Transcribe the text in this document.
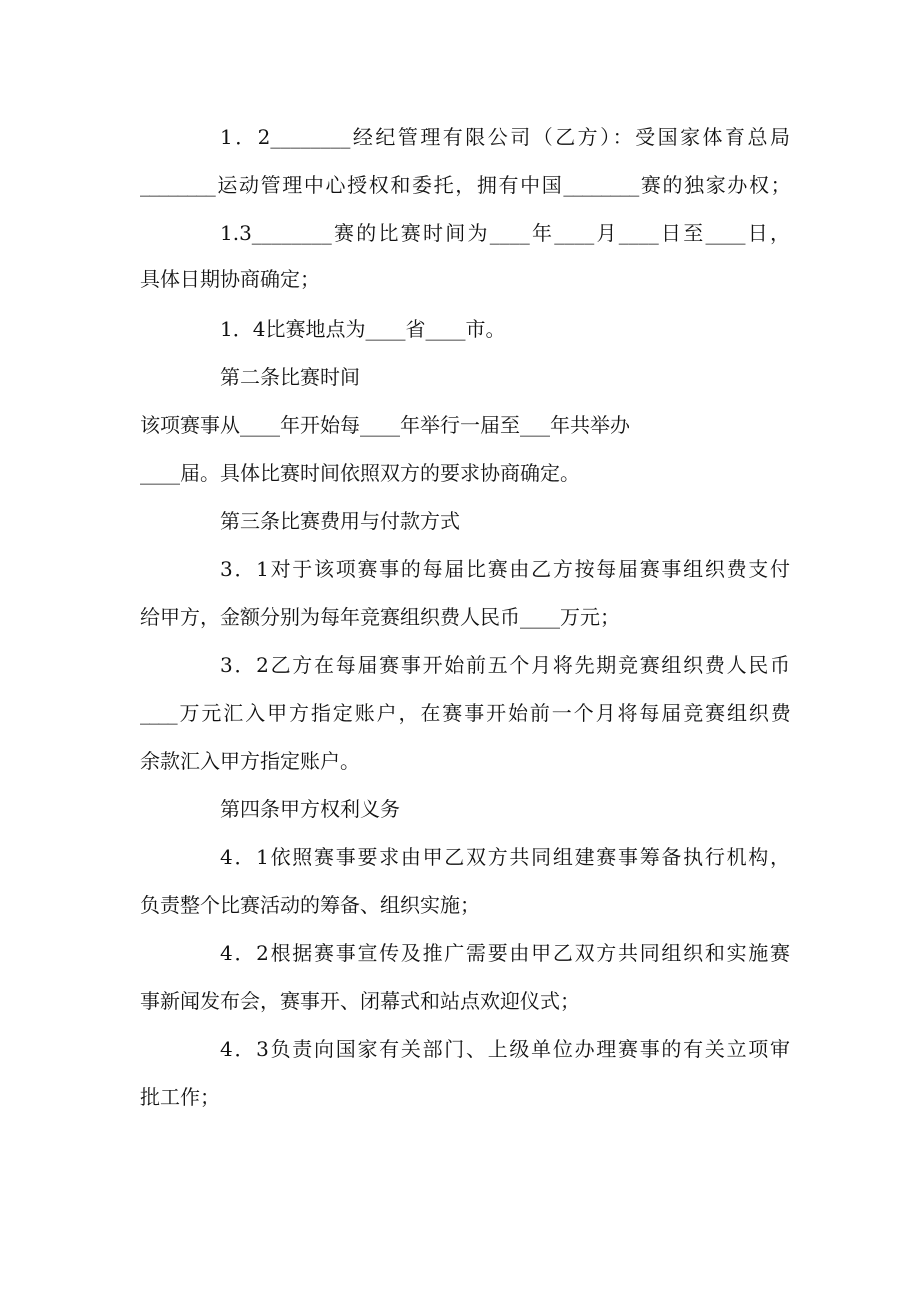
1．2________经纪管理有限公司（乙方）：受国家体育总局
________运动管理中心授权和委托，拥有中国________赛的独家办权；
1.3________赛的比赛时间为____年____月____日至____日，
具体日期协商确定；
1．4比赛地点为____省____市。
第二条比赛时间
该项赛事从____年开始每____年举行一届至___年共举办
____届。具体比赛时间依照双方的要求协商确定。
第三条比赛费用与付款方式
3．1对于该项赛事的每届比赛由乙方按每届赛事组织费支付
给甲方，金额分别为每年竞赛组织费人民币____万元；
3．2乙方在每届赛事开始前五个月将先期竞赛组织费人民币
____万元汇入甲方指定账户，在赛事开始前一个月将每届竞赛组织费
余款汇入甲方指定账户。
第四条甲方权利义务
4．1依照赛事要求由甲乙双方共同组建赛事筹备执行机构，
负责整个比赛活动的筹备、组织实施；
4．2根据赛事宣传及推广需要由甲乙双方共同组织和实施赛
事新闻发布会，赛事开、闭幕式和站点欢迎仪式；
4．3负责向国家有关部门、上级单位办理赛事的有关立项审
批工作；
